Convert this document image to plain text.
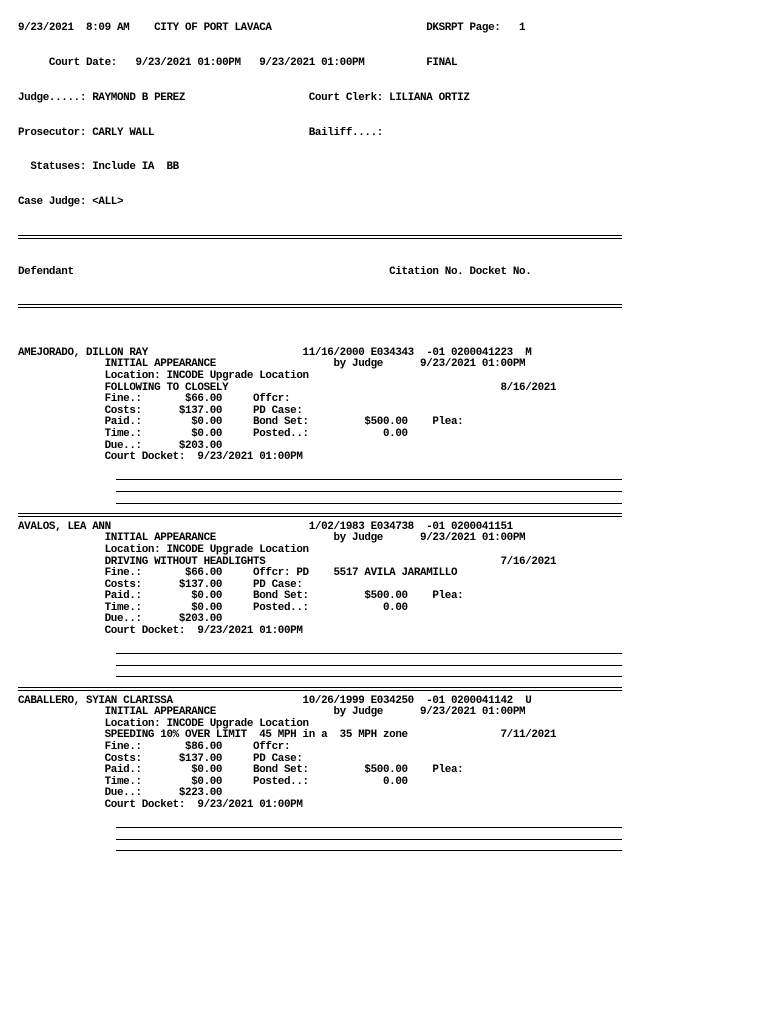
9/23/2021  8:09 AM    CITY OF PORT LAVACA                         DKSRPT Page:   1

Court Date:   9/23/2021 01:00PM   9/23/2021 01:00PM          FINAL

Judge.....: RAYMOND B PEREZ                    Court Clerk: LILIANA ORTIZ

Prosecutor: CARLY WALL                         Bailiff....:

Statuses: Include IA  BB

Case Judge: <ALL>

Defendant                                                   Citation No. Docket No.

AMEJORADO, DILLON RAY                         11/16/2000 E034343  -01 0200041223  M
INITIAL APPEARANCE                   by Judge      9/23/2021 01:00PM
Location: INCODE Upgrade Location
FOLLOWING TO CLOSELY                                            8/16/2021
Fine.:       $66.00     Offcr:
Costs:      $137.00     PD Case:
Paid.:        $0.00     Bond Set:         $500.00    Plea:
Time.:        $0.00     Posted..:            0.00
Due..:      $203.00
Court Docket:  9/23/2021 01:00PM
AVALOS, LEA ANN                                1/02/1983 E034738  -01 0200041151
INITIAL APPEARANCE                   by Judge      9/23/2021 01:00PM
Location: INCODE Upgrade Location
DRIVING WITHOUT HEADLIGHTS                                      7/16/2021
Fine.:       $66.00     Offcr: PD    5517 AVILA JARAMILLO
Costs:      $137.00     PD Case:
Paid.:        $0.00     Bond Set:         $500.00    Plea:
Time.:        $0.00     Posted..:            0.00
Due..:      $203.00
Court Docket:  9/23/2021 01:00PM
CABALLERO, SYIAN CLARISSA                     10/26/1999 E034250  -01 0200041142  U
INITIAL APPEARANCE                   by Judge      9/23/2021 01:00PM
Location: INCODE Upgrade Location
SPEEDING 10% OVER LIMIT  45 MPH in a  35 MPH zone               7/11/2021
Fine.:       $86.00     Offcr:
Costs:      $137.00     PD Case:
Paid.:        $0.00     Bond Set:         $500.00    Plea:
Time.:        $0.00     Posted..:            0.00
Due..:      $223.00
Court Docket:  9/23/2021 01:00PM
